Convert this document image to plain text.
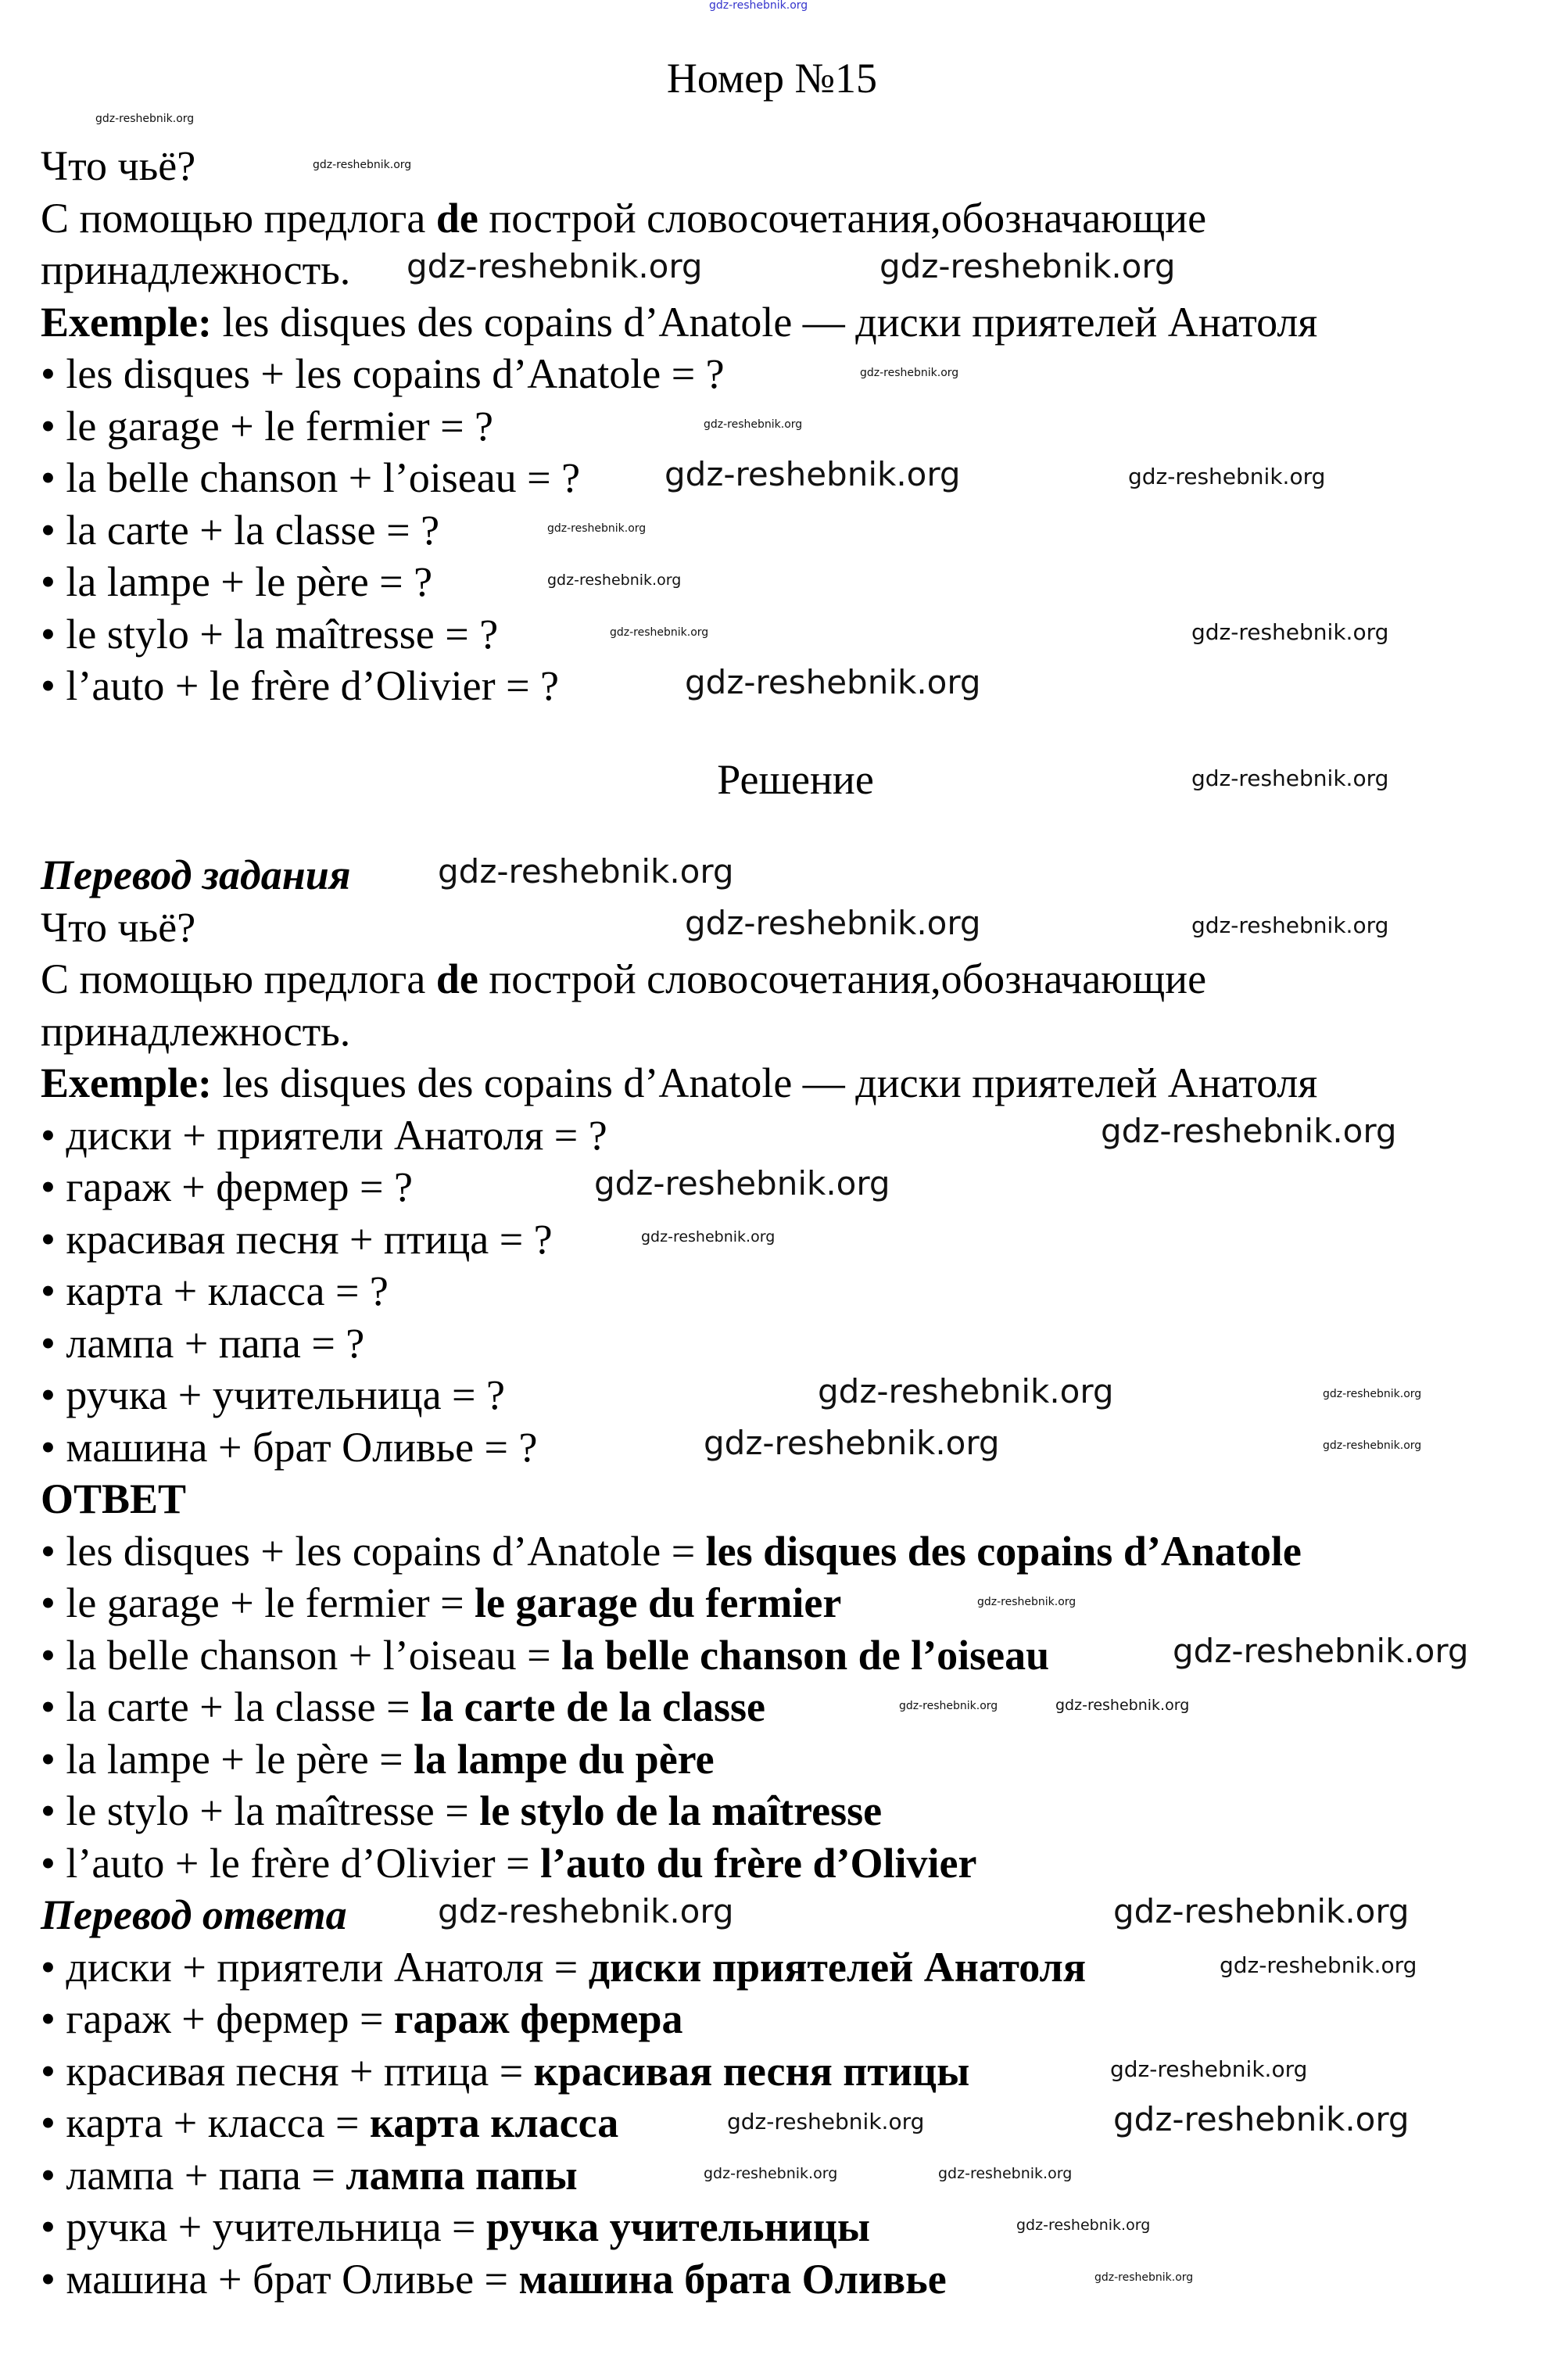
Номер №15
Что чьё?
С помощью предлога de построй словосочетания,обозначающие
принадлежность.
Exemple: les disques des copains d’Anatole — диски приятелей Анатоля
• les disques + les copains d’Anatole = ?
• le garage + le fermier = ?
• la belle chanson + l’oiseau = ?
• la carte + la classe = ?
• la lampe + le père = ?
• le stylo + la maîtresse = ?
• l’auto + le frère d’Olivier = ?
Решение
Перевод задания
Что чьё?
С помощью предлога de построй словосочетания,обозначающие
принадлежность.
Exemple: les disques des copains d’Anatole — диски приятелей Анатоля
• диски + приятели Анатоля = ?
• гараж + фермер = ?
• красивая песня + птица = ?
• карта + класса = ?
• лампа + папа = ?
• ручка + учительница = ?
• машина + брат Оливье = ?
ОТВЕТ
• les disques + les copains d’Anatole = les disques des copains d’Anatole
• le garage + le fermier = le garage du fermier
• la belle chanson + l’oiseau = la belle chanson de l’oiseau
• la carte + la classe = la carte de la classe
• la lampe + le père = la lampe du père
• le stylo + la maîtresse = le stylo de la maîtresse
• l’auto + le frère d’Olivier = l’auto du frère d’Olivier
Перевод ответа
• диски + приятели Анатоля = диски приятелей Анатоля
• гараж + фермер = гараж фермера
• красивая песня + птица = красивая песня птицы
• карта + класса = карта класса
• лампа + папа = лампа папы
• ручка + учительница = ручка учительницы
• машина + брат Оливье = машина брата Оливье
gdz-reshebnik.org
gdz-reshebnik.org
gdz-reshebnik.org
gdz-reshebnik.org	gdz-reshebnik.org
gdz-reshebnik.org
gdz-reshebnik.org
gdz-reshebnik.org
gdz-reshebnik.org
gdz-reshebnik.org
gdz-reshebnik.org	gdz-reshebnik.org
gdz-reshebnik.org
gdz-reshebnik.org
gdz-reshebnik.org
gdz-reshebnik.org
gdz-reshebnik.org	gdz-reshebnik.org
gdz-reshebnik.org
gdz-reshebnik.org
gdz-reshebnik.org
gdz-reshebnik.org
gdz-reshebnik.org
gdz-reshebnik.org
gdz-reshebnik.org
gdz-reshebnik.org
gdz-reshebnik.org
gdz-reshebnik.org	gdz-reshebnik.org
gdz-reshebnik.org	gdz-reshebnik.org
gdz-reshebnik.org
gdz-reshebnik.org
gdz-reshebnik.org
gdz-reshebnik.org
gdz-reshebnik.org	gdz-reshebnik.org
gdz-reshebnik.org
gdz-reshebnik.org
